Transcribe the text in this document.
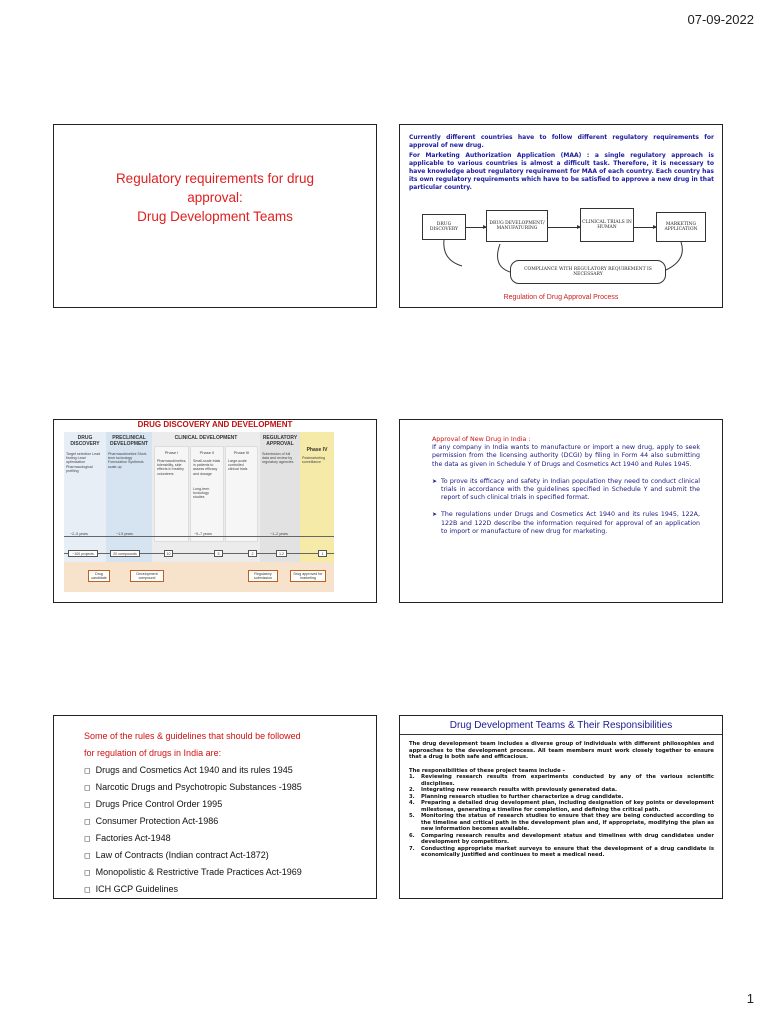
07-09-2022
Regulatory requirements for drug
approval:
Drug Development Teams
Currently different countries have to follow different regulatory requirements for approval of new drug.
For Marketing Authorization Application (MAA) : a single regulatory approach is applicable to various countries is almost a difficult task. Therefore, it is necessary to have knowledge about regulatory requirement for MAA of each country. Each country has its own regulatory requirements which have to be satisfied to approve a new drug in that particular country.
DRUG DISCOVERY
DRUG DEVELOPMENT/ MANUFATURING
CLINICAL TRIALS IN HUMAN
MARKETING APPLICATION
COMPLIANCE WITH REGULATORY REQUIREMENT IS NECESSARY
Regulation of Drug Approval Process
DRUG DISCOVERY AND DEVELOPMENT
DRUG DISCOVERY
Target selection Lead finding Lead optimization Pharmacological profiling
PRECLINICAL DEVELOPMENT
Pharmacokinetics Short-term toxicology Formulation Synthesis scale-up
CLINICAL DEVELOPMENT
Phase I
Pharmacokinetics, tolerability, side effects in healthy volunteers
Phase II
Small-scale trials in patients to assess efficacy and dosage
Long-term toxicology studies
Phase III
Large-scale controlled clinical trials
REGULATORY APPROVAL
Submission of full data and review by regulatory agencies
Phase IV
Postmarketing surveillance
~2–5 years	~1.5 years	~5–7 years	~1–2 years
~100 projects	20 compounds	10	5	2	1.2	1
Drug candidate
Development compound
Regulatory submission
Drug approved for marketing
Approval of New Drug in India :
If any company in India wants to manufacture or import a new drug, apply to seek permission from the licensing authority (DCGI) by filing in Form 44 also submitting the data as given in Schedule Y of Drugs and Cosmetics Act 1940 and Rules 1945.
➤ To prove its efficacy and safety in Indian population they need to conduct clinical trials in accordance with the guidelines specified in Schedule Y and submit the report of such clinical trials in specified format.
➤ The regulations under Drugs and Cosmetics Act 1940 and its rules 1945, 122A, 122B and 122D describe the information required for approval of an application to import or manufacture of new drug for marketing.
Some of the rules & guidelines that should be followed
for regulation of drugs in India are:
◻ Drugs and Cosmetics Act 1940 and its rules 1945
◻ Narcotic Drugs and Psychotropic Substances -1985
◻ Drugs Price Control Order 1995
◻ Consumer Protection Act-1986
◻ Factories Act-1948
◻ Law of Contracts (Indian contract Act-1872)
◻ Monopolistic & Restrictive Trade Practices Act-1969
◻ ICH GCP Guidelines
Drug Development Teams & Their Responsibilities
The drug development team includes a diverse group of individuals with different philosophies and approaches to the development process. All team members must work closely together to ensure that a drug is both safe and efficacious.
The responsibilities of these project teams include –
1. Reviewing research results from experiments conducted by any of the various scientific disciplines.
2. Integrating new research results with previously generated data.
3. Planning research studies to further characterize a drug candidate.
4. Preparing a detailed drug development plan, including designation of key points or development milestones, generating a timeline for completion, and defining the critical path.
5. Monitoring the status of research studies to ensure that they are being conducted according to the timeline and critical path in the development plan and, if appropriate, modifying the plan as new information becomes available.
6. Comparing research results and development status and timelines with drug candidates under development by competitors.
7. Conducting appropriate market surveys to ensure that the development of a drug candidate is economically justified and continues to meet a medical need.
1
